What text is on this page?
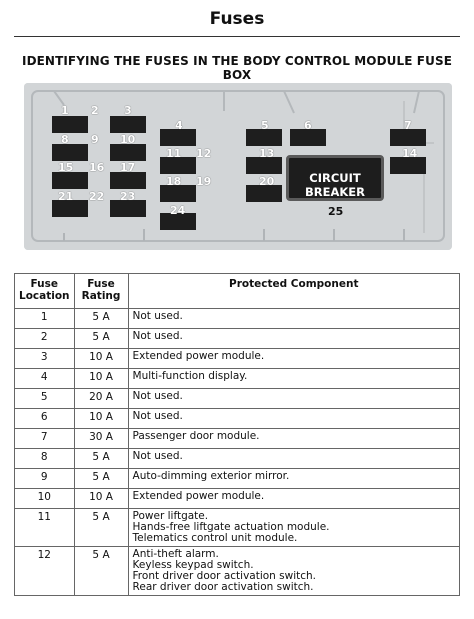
Fuses
IDENTIFYING THE FUSES IN THE BODY CONTROL MODULE FUSE BOX
1 2 3
4	5	6	7
8 9 10
11 12	13	14
15 16 17
18 19	20
21 22 23
24	25
CIRCUIT BREAKER
Fuse Location	Fuse Rating	Protected Component
1	5 A	Not used.

2	5 A	Not used.

3	10 A	Extended power module.

4	10 A	Multi-function display.

5	20 A	Not used.

6	10 A	Not used.

7	30 A	Passenger door module.

8	5 A	Not used.

9	5 A	Auto-dimming exterior mirror.

10	10 A	Extended power module.

11	5 A	Power liftgate.
Hands-free liftgate actuation module.
Telematics control unit module.

12	5 A	Anti-theft alarm.
Keyless keypad switch.
Front driver door activation switch.
Rear driver door activation switch.
